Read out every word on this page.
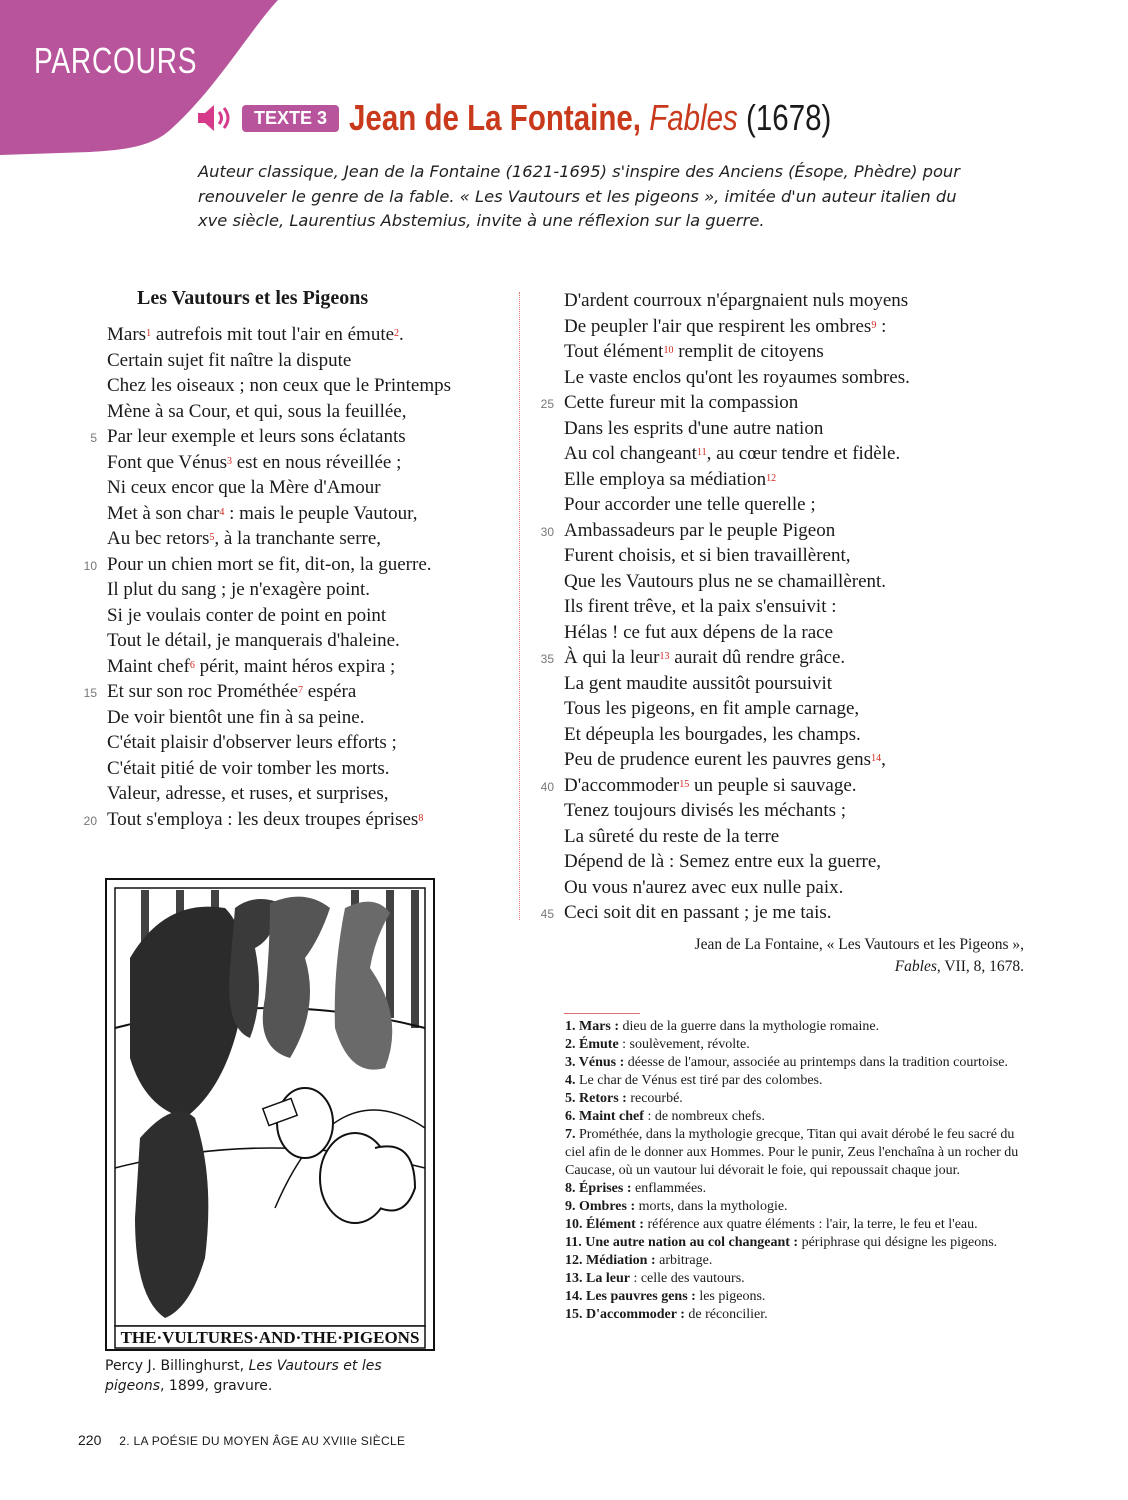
PARCOURS
TEXTE 3 Jean de La Fontaine, Fables (1678)
Auteur classique, Jean de la Fontaine (1621-1695) s'inspire des Anciens (Ésope, Phèdre) pour renouveler le genre de la fable. « Les Vautours et les pigeons », imitée d'un auteur italien du xve siècle, Laurentius Abstemius, invite à une réflexion sur la guerre.
Les Vautours et les Pigeons
Mars$^1$ autrefois mit tout l'air en émute$^2$.
Certain sujet fit naître la dispute
Chez les oiseaux ; non ceux que le Printemps
Mène à sa Cour, et qui, sous la feuillée,
5 Par leur exemple et leurs sons éclatants
Font que Vénus$^3$ est en nous réveillée ;
Ni ceux encor que la Mère d'Amour
Met à son char$^4$ : mais le peuple Vautour,
Au bec retors$^5$, à la tranchante serre,
10 Pour un chien mort se fit, dit-on, la guerre.
Il plut du sang ; je n'exagère point.
Si je voulais conter de point en point
Tout le détail, je manquerais d'haleine.
Maint chef$^6$ périt, maint héros expira ;
15 Et sur son roc Prométhée$^7$ espéra
De voir bientôt une fin à sa peine.
C'était plaisir d'observer leurs efforts ;
C'était pitié de voir tomber les morts.
Valeur, adresse, et ruses, et surprises,
20 Tout s'employa : les deux troupes éprises$^8$
D'ardent courroux n'épargnaient nuls moyens
De peupler l'air que respirent les ombres$^9$ :
Tout élément$^{10}$ remplit de citoyens
Le vaste enclos qu'ont les royaumes sombres.
25 Cette fureur mit la compassion
Dans les esprits d'une autre nation
Au col changeant$^{11}$, au cœur tendre et fidèle.
Elle employa sa médiation$^{12}$
Pour accorder une telle querelle ;
30 Ambassadeurs par le peuple Pigeon
Furent choisis, et si bien travaillèrent,
Que les Vautours plus ne se chamaillèrent.
Ils firent trêve, et la paix s'ensuivit :
Hélas ! ce fut aux dépens de la race
35 À qui la leur$^{13}$ aurait dû rendre grâce.
La gent maudite aussitôt poursuivit
Tous les pigeons, en fit ample carnage,
Et dépeupla les bourgades, les champs.
Peu de prudence eurent les pauvres gens$^{14}$,
40 D'accommoder$^{15}$ un peuple si sauvage.
Tenez toujours divisés les méchants ;
La sûreté du reste de la terre
Dépend de là : Semez entre eux la guerre,
Ou vous n'aurez avec eux nulle paix.
45 Ceci soit dit en passant ; je me tais.
Jean de La Fontaine, « Les Vautours et les Pigeons »,
Fables, VII, 8, 1678.
1. Mars : dieu de la guerre dans la mythologie romaine.
2. Émute : soulèvement, révolte.
3. Vénus : déesse de l'amour, associée au printemps dans la tradition courtoise.
4. Le char de Vénus est tiré par des colombes.
5. Retors : recourbé.
6. Maint chef : de nombreux chefs.
7. Prométhée, dans la mythologie grecque, Titan qui avait dérobé le feu sacré du ciel afin de le donner aux Hommes. Pour le punir, Zeus l'enchaîna à un rocher du Caucase, où un vautour lui dévorait le foie, qui repoussait chaque jour.
8. Éprises : enflammées.
9. Ombres : morts, dans la mythologie.
10. Élément : référence aux quatre éléments : l'air, la terre, le feu et l'eau.
11. Une autre nation au col changeant : périphrase qui désigne les pigeons.
12. Médiation : arbitrage.
13. La leur : celle des vautours.
14. Les pauvres gens : les pigeons.
15. D'accommoder : de réconcilier.
THE·VULTURES·AND·THE·PIGEONS
Percy J. Billinghurst, Les Vautours et les pigeons, 1899, gravure.
220 2. LA POÉSIE DU MOYEN ÂGE AU XVIIIe SIÈCLE
